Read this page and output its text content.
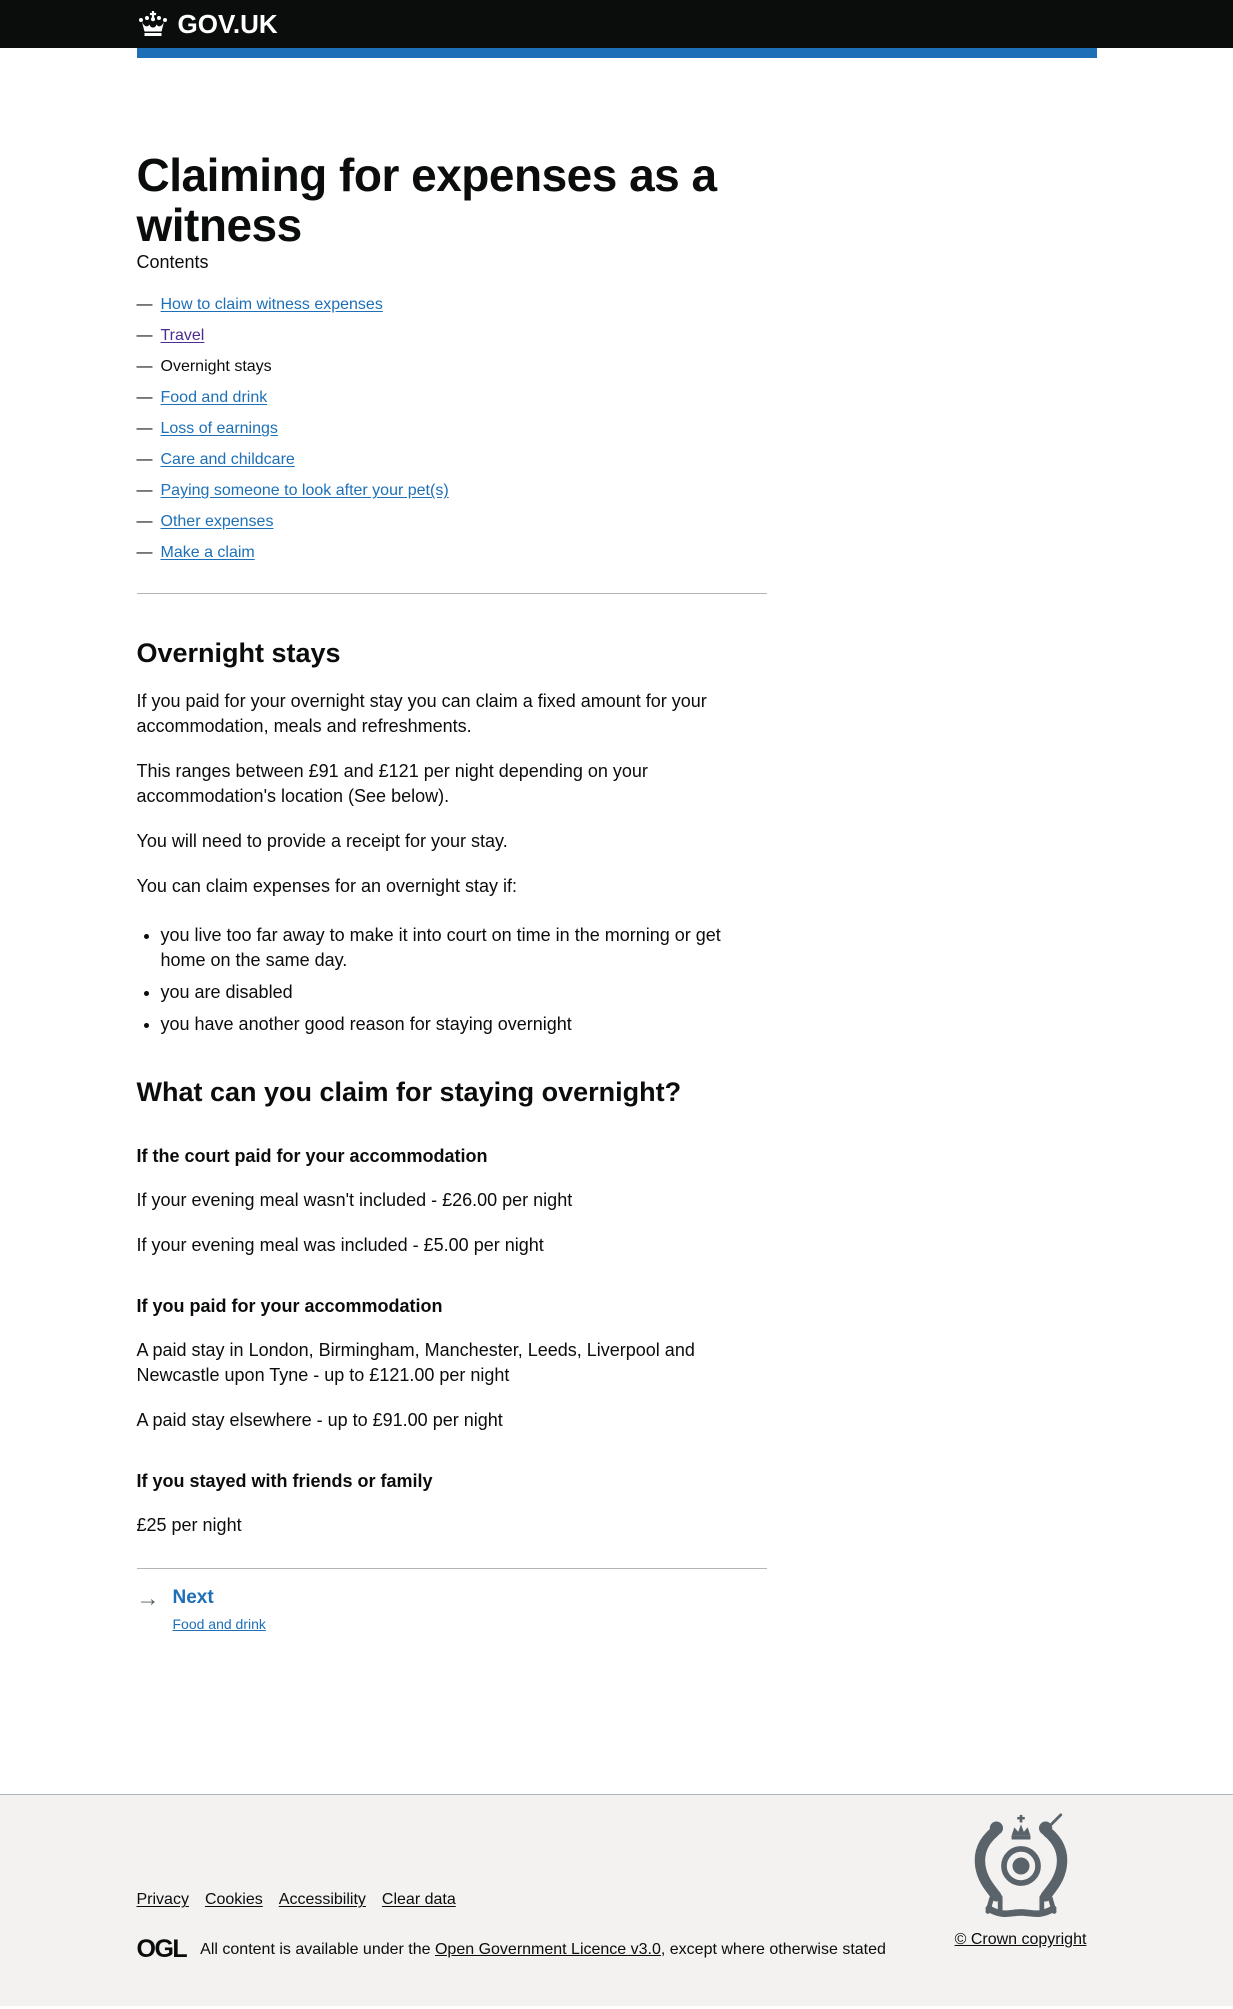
GOV.UK
Claiming for expenses as a witness

Contents

— How to claim witness expenses
— Travel
— Overnight stays
— Food and drink
— Loss of earnings
— Care and childcare
— Paying someone to look after your pet(s)
— Other expenses
— Make a claim
Overnight stays

If you paid for your overnight stay you can claim a fixed amount for your accommodation, meals and refreshments.

This ranges between £91 and £121 per night depending on your accommodation's location (See below).

You will need to provide a receipt for your stay.

You can claim expenses for an overnight stay if:

• you live too far away to make it into court on time in the morning or get home on the same day.
• you are disabled
• you have another good reason for staying overnight
What can you claim for staying overnight?
If the court paid for your accommodation

If your evening meal wasn't included - £26.00 per night

If your evening meal was included - £5.00 per night

If you paid for your accommodation

A paid stay in London, Birmingham, Manchester, Leeds, Liverpool and Newcastle upon Tyne - up to £121.00 per night

A paid stay elsewhere - up to £91.00 per night

If you stayed with friends or family

£25 per night

→ Next
Food and drink
Privacy Cookies Accessibility Clear data
OGL All content is available under the Open Government Licence v3.0, except where otherwise stated
© Crown copyright
